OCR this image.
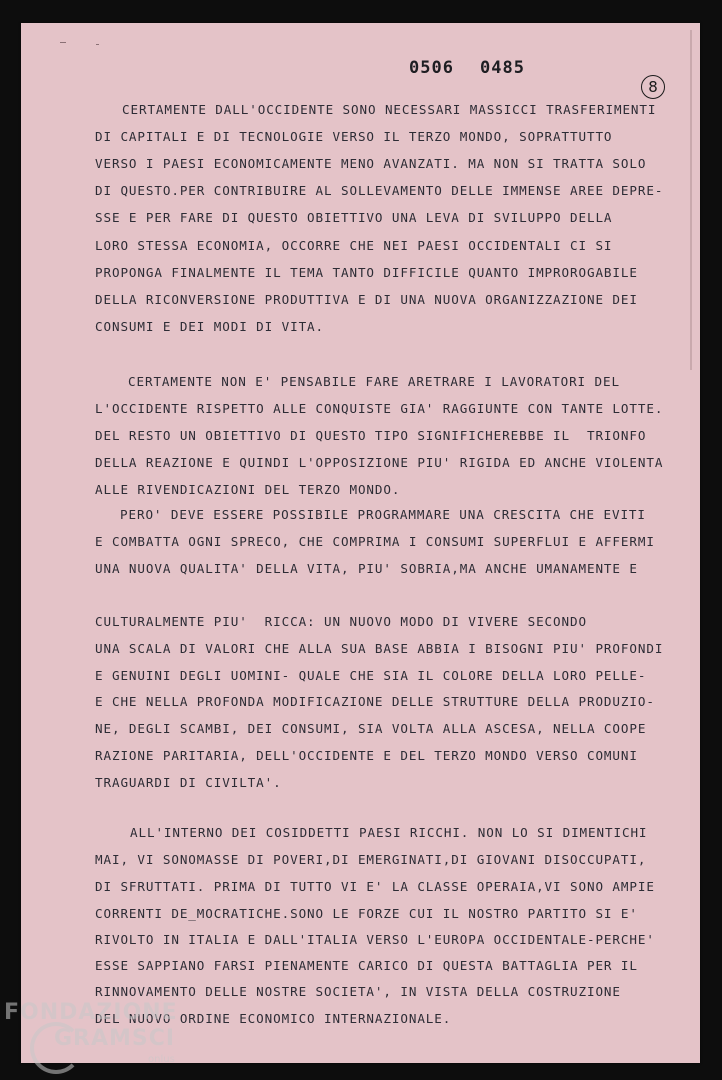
0506 0485
8
CERTAMENTE DALL'OCCIDENTE SONO NECESSARI MASSICCI TRASFERIMENTI
DI CAPITALI E DI TECNOLOGIE VERSO IL TERZO MONDO, SOPRATTUTTO
VERSO I PAESI ECONOMICAMENTE MENO AVANZATI. MA NON SI TRATTA SOLO
DI QUESTO.PER CONTRIBUIRE AL SOLLEVAMENTO DELLE IMMENSE AREE DEPRE-
SSE E PER FARE DI QUESTO OBIETTIVO UNA LEVA DI SVILUPPO DELLA
LORO STESSA ECONOMIA, OCCORRE CHE NEI PAESI OCCIDENTALI CI SI
PROPONGA FINALMENTE IL TEMA TANTO DIFFICILE QUANTO IMPROROGABILE
DELLA RICONVERSIONE PRODUTTIVA E DI UNA NUOVA ORGANIZZAZIONE DEI
CONSUMI E DEI MODI DI VITA.
CERTAMENTE NON E' PENSABILE FARE ARETRARE I LAVORATORI DEL
L'OCCIDENTE RISPETTO ALLE CONQUISTE GIA' RAGGIUNTE CON TANTE LOTTE.
DEL RESTO UN OBIETTIVO DI QUESTO TIPO SIGNIFICHEREBBE IL  TRIONFO
DELLA REAZIONE E QUINDI L'OPPOSIZIONE PIU' RIGIDA ED ANCHE VIOLENTA
ALLE RIVENDICAZIONI DEL TERZO MONDO.
PERO' DEVE ESSERE POSSIBILE PROGRAMMARE UNA CRESCITA CHE EVITI
E COMBATTA OGNI SPRECO, CHE COMPRIMA I CONSUMI SUPERFLUI E AFFERMI
UNA NUOVA QUALITA' DELLA VITA, PIU' SOBRIA,MA ANCHE UMANAMENTE E
CULTURALMENTE PIU'  RICCA: UN NUOVO MODO DI VIVERE SECONDO
UNA SCALA DI VALORI CHE ALLA SUA BASE ABBIA I BISOGNI PIU' PROFONDI
E GENUINI DEGLI UOMINI- QUALE CHE SIA IL COLORE DELLA LORO PELLE-
E CHE NELLA PROFONDA MODIFICAZIONE DELLE STRUTTURE DELLA PRODUZIO-
NE, DEGLI SCAMBI, DEI CONSUMI, SIA VOLTA ALLA ASCESA, NELLA COOPE
RAZIONE PARITARIA, DELL'OCCIDENTE E DEL TERZO MONDO VERSO COMUNI
TRAGUARDI DI CIVILTA'.
ALL'INTERNO DEI COSIDDETTI PAESI RICCHI. NON LO SI DIMENTICHI
MAI, VI SONOMASSE DI POVERI,DI EMERGINATI,DI GIOVANI DISOCCUPATI,
DI SFRUTTATI. PRIMA DI TUTTO VI E' LA CLASSE OPERAIA,VI SONO AMPIE
CORRENTI DE_MOCRATICHE.SONO LE FORZE CUI IL NOSTRO PARTITO SI E'
RIVOLTO IN ITALIA E DALL'ITALIA VERSO L'EUROPA OCCIDENTALE-PERCHE'
ESSE SAPPIANO FARSI PIENAMENTE CARICO DI QUESTA BATTAGLIA PER IL
RINNOVAMENTO DELLE NOSTRE SOCIETA', IN VISTA DELLA COSTRUZIONE
DEL NUOVO ORDINE ECONOMICO INTERNAZIONALE.
FONDAZIONE
GRAMSCI
onlus
